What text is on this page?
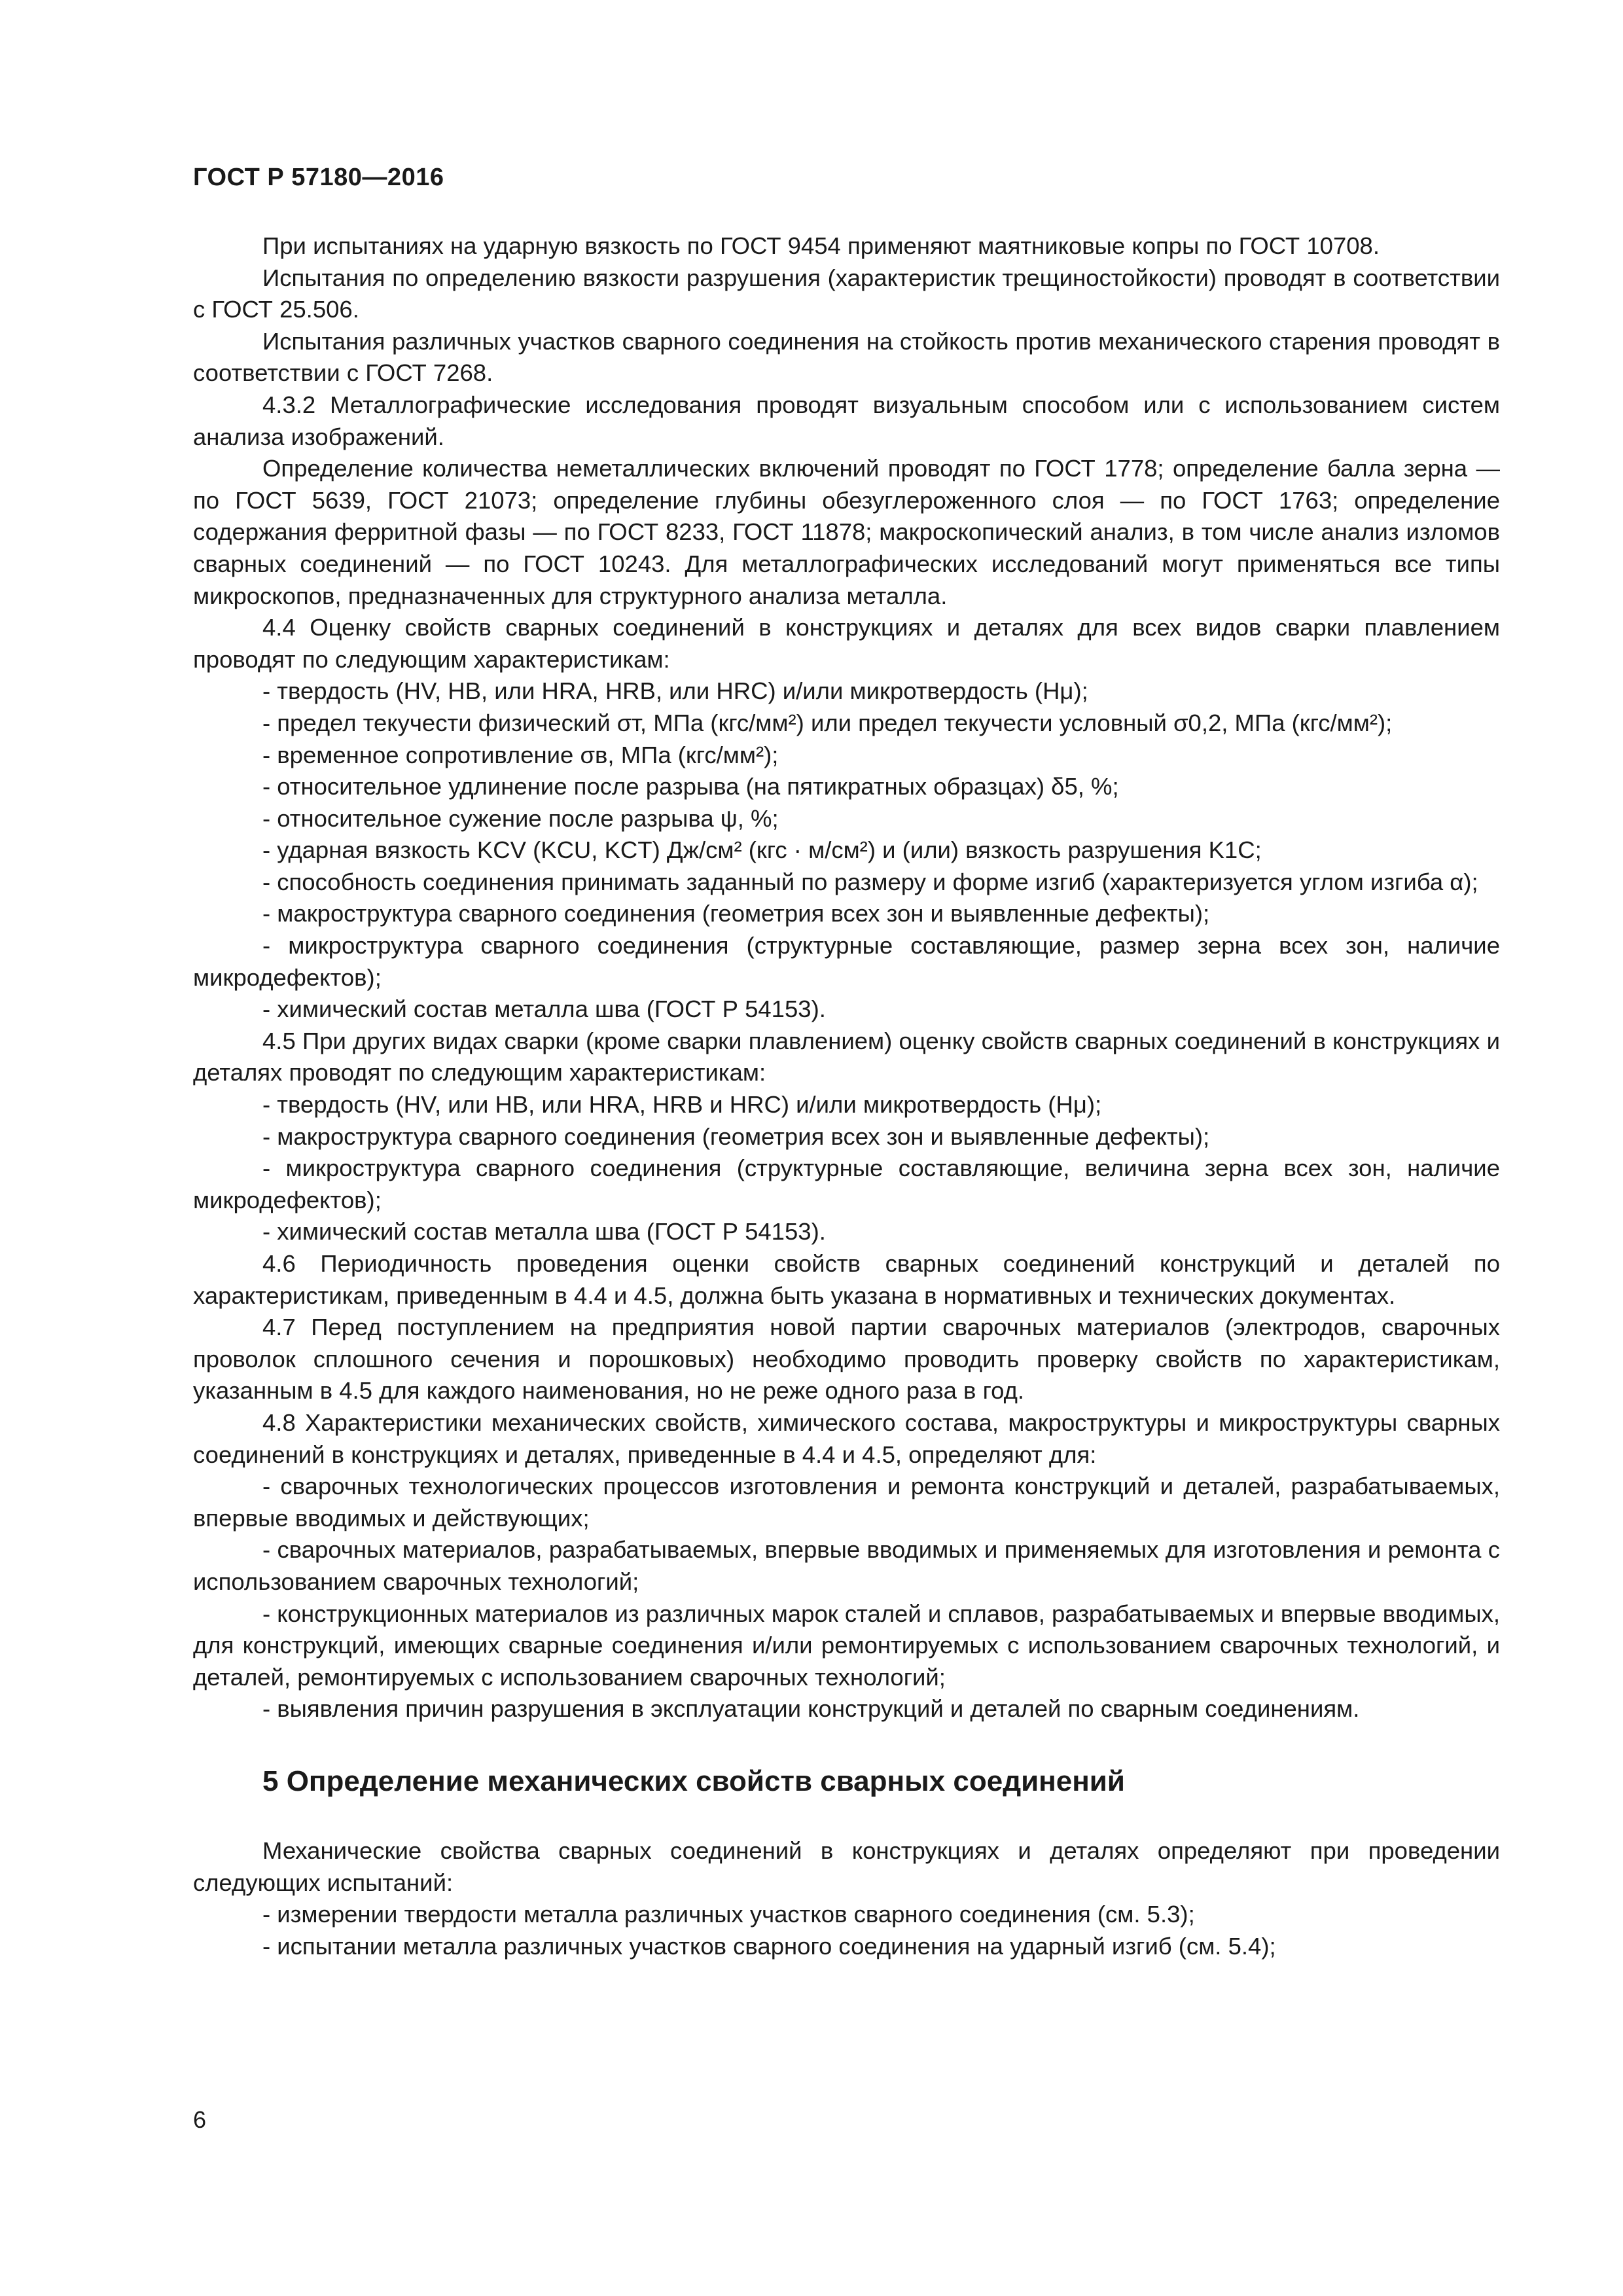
ГОСТ Р 57180—2016

При испытаниях на ударную вязкость по ГОСТ 9454 применяют маятниковые копры по ГОСТ 10708.

Испытания по определению вязкости разрушения (характеристик трещиностойкости) проводят в соответствии с ГОСТ 25.506.

Испытания различных участков сварного соединения на стойкость против механического старения проводят в соответствии с ГОСТ 7268.

4.3.2 Металлографические исследования проводят визуальным способом или с использованием систем анализа изображений.

Определение количества неметаллических включений проводят по ГОСТ 1778; определение балла зерна — по ГОСТ 5639, ГОСТ 21073; определение глубины обезуглероженного слоя — по ГОСТ 1763; определение содержания ферритной фазы — по ГОСТ 8233, ГОСТ 11878; макроскопический анализ, в том числе анализ изломов сварных соединений — по ГОСТ 10243. Для металлографических исследований могут применяться все типы микроскопов, предназначенных для структурного анализа металла.

4.4 Оценку свойств сварных соединений в конструкциях и деталях для всех видов сварки плавлением проводят по следующим характеристикам:

- твердость (HV, HB, или HRA, HRB, или HRC) и/или микротвердость (Hμ);

- предел текучести физический σт, МПа (кгс/мм²) или предел текучести условный σ0,2, МПа (кгс/мм²);

- временное сопротивление σв, МПа (кгс/мм²);

- относительное удлинение после разрыва (на пятикратных образцах) δ5, %;

- относительное сужение после разрыва ψ, %;

- ударная вязкость KCV (KCU, KCT) Дж/см² (кгс · м/см²) и (или) вязкость разрушения K1C;

- способность соединения принимать заданный по размеру и форме изгиб (характеризуется углом изгиба α);

- макроструктура сварного соединения (геометрия всех зон и выявленные дефекты);

- микроструктура сварного соединения (структурные составляющие, размер зерна всех зон, наличие микродефектов);

- химический состав металла шва (ГОСТ Р 54153).

4.5 При других видах сварки (кроме сварки плавлением) оценку свойств сварных соединений в конструкциях и деталях проводят по следующим характеристикам:

- твердость (HV, или HB, или HRA, HRB и HRC) и/или микротвердость (Hμ);

- макроструктура сварного соединения (геометрия всех зон и выявленные дефекты);

- микроструктура сварного соединения (структурные составляющие, величина зерна всех зон, наличие микродефектов);

- химический состав металла шва (ГОСТ Р 54153).

4.6 Периодичность проведения оценки свойств сварных соединений конструкций и деталей по характеристикам, приведенным в 4.4 и 4.5, должна быть указана в нормативных и технических документах.

4.7 Перед поступлением на предприятия новой партии сварочных материалов (электродов, сварочных проволок сплошного сечения и порошковых) необходимо проводить проверку свойств по характеристикам, указанным в 4.5 для каждого наименования, но не реже одного раза в год.

4.8 Характеристики механических свойств, химического состава, макроструктуры и микроструктуры сварных соединений в конструкциях и деталях, приведенные в 4.4 и 4.5, определяют для:

- сварочных технологических процессов изготовления и ремонта конструкций и деталей, разрабатываемых, впервые вводимых и действующих;

- сварочных материалов, разрабатываемых, впервые вводимых и применяемых для изготовления и ремонта с использованием сварочных технологий;

- конструкционных материалов из различных марок сталей и сплавов, разрабатываемых и впервые вводимых, для конструкций, имеющих сварные соединения и/или ремонтируемых с использованием сварочных технологий, и деталей, ремонтируемых с использованием сварочных технологий;

- выявления причин разрушения в эксплуатации конструкций и деталей по сварным соединениям.

5 Определение механических свойств сварных соединений

Механические свойства сварных соединений в конструкциях и деталях определяют при проведении следующих испытаний:

- измерении твердости металла различных участков сварного соединения (см. 5.3);

- испытании металла различных участков сварного соединения на ударный изгиб (см. 5.4);

6
